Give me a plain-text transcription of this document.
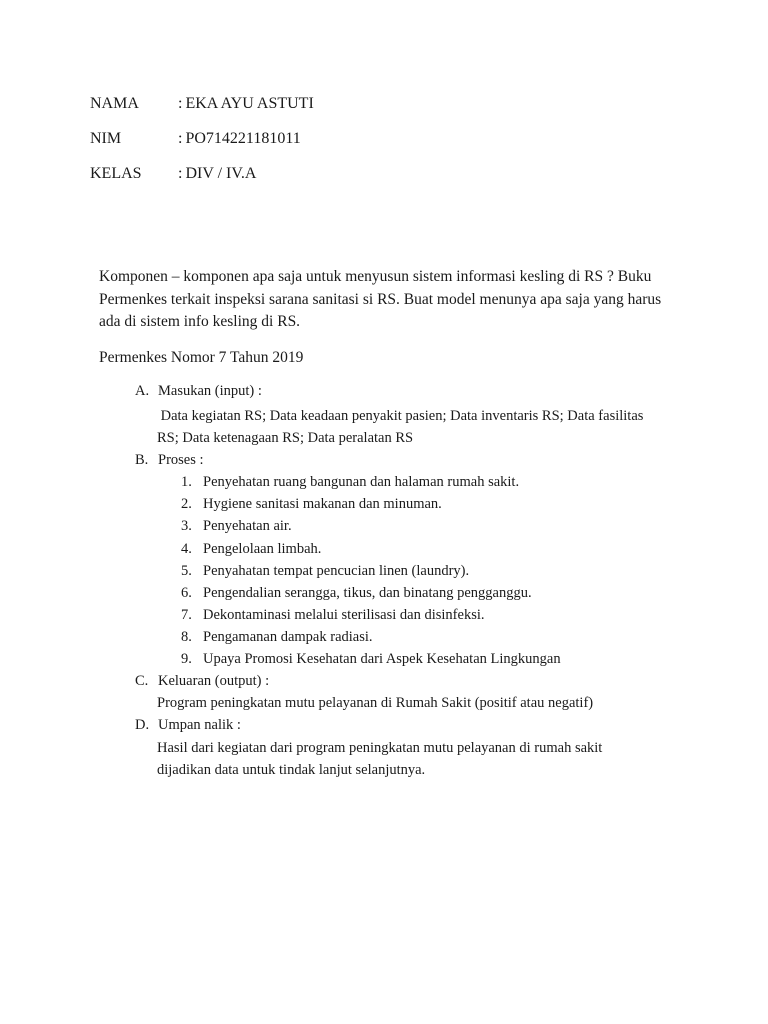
NAMA : EKA AYU ASTUTI
NIM	: PO714221181011
KELAS : DIV / IV.A

Komponen – komponen apa saja untuk menyusun sistem informasi kesling di RS ? Buku Permenkes terkait inspeksi sarana sanitasi si RS. Buat model menunya apa saja yang harus ada di sistem info kesling di RS.

Permenkes Nomor 7 Tahun 2019
A. Masukan (input) :
Data kegiatan RS; Data keadaan penyakit pasien; Data inventaris RS; Data fasilitas RS; Data ketenagaan RS; Data peralatan RS
B. Proses :
1. Penyehatan ruang bangunan dan halaman rumah sakit.
2. Hygiene sanitasi makanan dan minuman.
3. Penyehatan air.
4. Pengelolaan limbah.
5. Penyahatan tempat pencucian linen (laundry).
6. Pengendalian serangga, tikus, dan binatang pengganggu.
7. Dekontaminasi melalui sterilisasi dan disinfeksi.
8. Pengamanan dampak radiasi.
9. Upaya Promosi Kesehatan dari Aspek Kesehatan Lingkungan
C. Keluaran (output) :
Program peningkatan mutu pelayanan di Rumah Sakit (positif atau negatif)
D. Umpan nalik :
Hasil dari kegiatan dari program peningkatan mutu pelayanan di rumah sakit dijadikan data untuk tindak lanjut selanjutnya.
